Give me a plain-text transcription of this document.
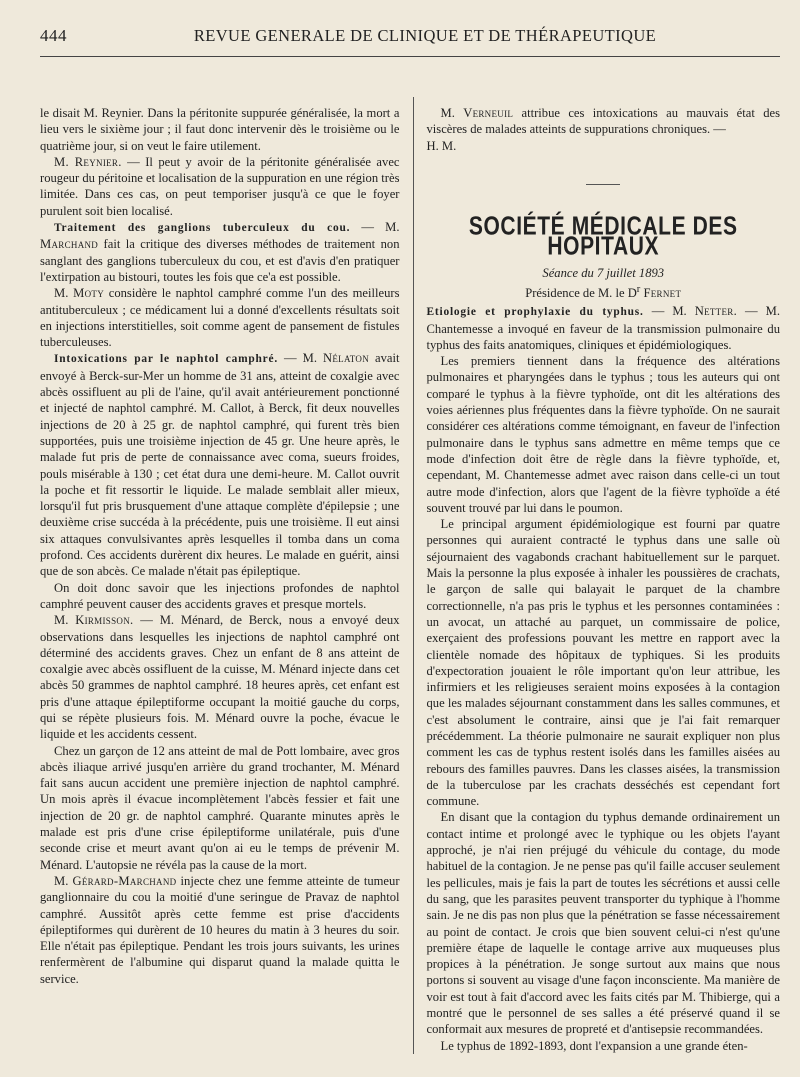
444	REVUE GENERALE DE CLINIQUE ET DE THÉRAPEUTIQUE

le disait M. Reynier. Dans la péritonite suppurée généralisée, la mort a lieu vers le sixième jour ; il faut donc intervenir dès le troisième ou le quatrième jour, si on veut le faire utilement.

M. Reynier. — Il peut y avoir de la péritonite généralisée avec rougeur du péritoine et localisation de la suppuration en une région très limitée. Dans ces cas, on peut temporiser jusqu'à ce que le foyer purulent soit bien localisé.

Traitement des ganglions tuberculeux du cou. — M. Marchand fait la critique des diverses méthodes de traitement non sanglant des ganglions tuberculeux du cou, et est d'avis d'en pratiquer l'extirpation au bistouri, toutes les fois que ce'a est possible.

M. Moty considère le naphtol camphré comme l'un des meilleurs antituberculeux ; ce médicament lui a donné d'excellents résultats soit en injections interstitielles, soit comme agent de pansement de fistules tuberculeuses.

Intoxications par le naphtol camphré. — M. Nélaton avait envoyé à Berck-sur-Mer un homme de 31 ans, atteint de coxalgie avec abcès ossifluent au pli de l'aine, qu'il avait antérieurement ponctionné et injecté de naphtol camphré. M. Callot, à Berck, fit deux nouvelles injections de 20 à 25 gr. de naphtol camphré, qui furent très bien supportées, puis une troisième injection de 45 gr. Une heure après, le malade fut pris de perte de connaissance avec coma, sueurs froides, pouls misérable à 130 ; cet état dura une demi-heure. M. Callot ouvrit la poche et fit ressortir le liquide. Le malade semblait aller mieux, lorsqu'il fut pris brusquement d'une attaque complète d'épilepsie ; une deuxième crise succéda à la précédente, puis une troisième. Il eut ainsi six attaques convulsivantes après lesquelles il tomba dans un coma profond. Ces accidents durèrent dix heures. Le malade en guérit, ainsi que de son abcès. Ce malade n'était pas épileptique.

On doit donc savoir que les injections profondes de naphtol camphré peuvent causer des accidents graves et presque mortels.

M. Kirmisson. — M. Ménard, de Berck, nous a envoyé deux observations dans lesquelles les injections de naphtol camphré ont déterminé des accidents graves. Chez un enfant de 8 ans atteint de coxalgie avec abcès ossifluent de la cuisse, M. Ménard injecte dans cet abcès 50 grammes de naphtol camphré. 18 heures après, cet enfant est pris d'une attaque épileptiforme occupant la moitié gauche du corps, qui se répète plusieurs fois. M. Ménard ouvre la poche, évacue le liquide et les accidents cessent.

Chez un garçon de 12 ans atteint de mal de Pott lombaire, avec gros abcès iliaque arrivé jusqu'en arrière du grand trochanter, M. Ménard fait sans aucun accident une première injection de naphtol camphré. Un mois après il évacue incomplètement l'abcès fessier et fait une injection de 20 gr. de naphtol camphré. Quarante minutes après le malade est pris d'une crise épileptiforme unilatérale, puis d'une seconde crise et meurt avant qu'on ai eu le temps de prévenir M. Ménard. L'autopsie ne révéla pas la cause de la mort.

M. Gérard-Marchand injecte chez une femme atteinte de tumeur ganglionnaire du cou la moitié d'une seringue de Pravaz de naphtol camphré. Aussitôt après cette femme est prise d'accidents épileptiformes qui durèrent de 10 heures du matin à 3 heures du soir. Elle n'était pas épileptique. Pendant les trois jours suivants, les urines renfermèrent de l'albumine qui disparut quand la malade quitta le service.

M. Verneuil attribue ces intoxications au mauvais état des viscères de malades atteints de suppurations chroniques. —

H. M.

SOCIÉTÉ MÉDICALE DES HOPITAUX
Séance du 7 juillet 1893
Présidence de M. le $D^r$ Fernet

Etiologie et prophylaxie du typhus. — M. Netter. — M. Chantemesse a invoqué en faveur de la transmission pulmonaire du typhus des faits anatomiques, cliniques et épidémiologiques.

Les premiers tiennent dans la fréquence des altérations pulmonaires et pharyngées dans le typhus ; tous les auteurs qui ont comparé le typhus à la fièvre typhoïde, ont dit les altérations des voies aériennes plus fréquentes dans la fièvre typhoïde. On ne saurait considérer ces altérations comme témoignant, en faveur de l'infection pulmonaire dans le typhus sans admettre en même temps que ce mode d'infection doit être de règle dans la fièvre typhoïde, et, cependant, M. Chantemesse admet avec raison dans celle-ci un tout autre mode d'infection, alors que l'agent de la fièvre typhoïde a été souvent trouvé par lui dans le poumon.

Le principal argument épidémiologique est fourni par quatre personnes qui auraient contracté le typhus dans une salle où séjournaient des vagabonds crachant habituellement sur le parquet. Mais la personne la plus exposée à inhaler les poussières de crachats, le garçon de salle qui balayait le parquet de la chambre correctionnelle, n'a pas pris le typhus et les personnes contaminées : un avocat, un attaché au parquet, un commissaire de police, exerçaient des professions pouvant les mettre en rapport avec la clientèle nomade des hôpitaux de typhiques. Si les produits d'expectoration jouaient le rôle important qu'on leur attribue, les infirmiers et les religieuses seraient moins exposées à la contagion que les malades séjournant constamment dans les salles communes, et c'est absolument le contraire, ainsi que je l'ai fait remarquer précédemment. La théorie pulmonaire ne saurait expliquer non plus comment les cas de typhus restent isolés dans les familles aisées au rebours des familles pauvres. Dans les classes aisées, la transmission de la tuberculose par les crachats desséchés est cependant fort commune.

En disant que la contagion du typhus demande ordinairement un contact intime et prolongé avec le typhique ou les objets l'ayant approché, je n'ai rien préjugé du véhicule du contage, du mode habituel de la contagion. Je ne pense pas qu'il faille accuser seulement les pellicules, mais je fais la part de toutes les sécrétions et aussi celle du sang, que les parasites peuvent transporter du typhique à l'homme sain. Je ne dis pas non plus que la pénétration se fasse nécessairement au point de contact. Je crois que bien souvent celui-ci n'est qu'une première étape de laquelle le contage arrive aux muqueuses plus propices à la pénétration. Je songe surtout aux mains que nous portons si souvent au visage d'une façon inconsciente. Ma manière de voir est tout à fait d'accord avec les faits cités par M. Thibierge, qui a montré que le personnel de ses salles a été préservé quand il se conformait aux mesures de propreté et d'antisepsie recommandées.

Le typhus de 1892-1893, dont l'expansion a une grande éten-
